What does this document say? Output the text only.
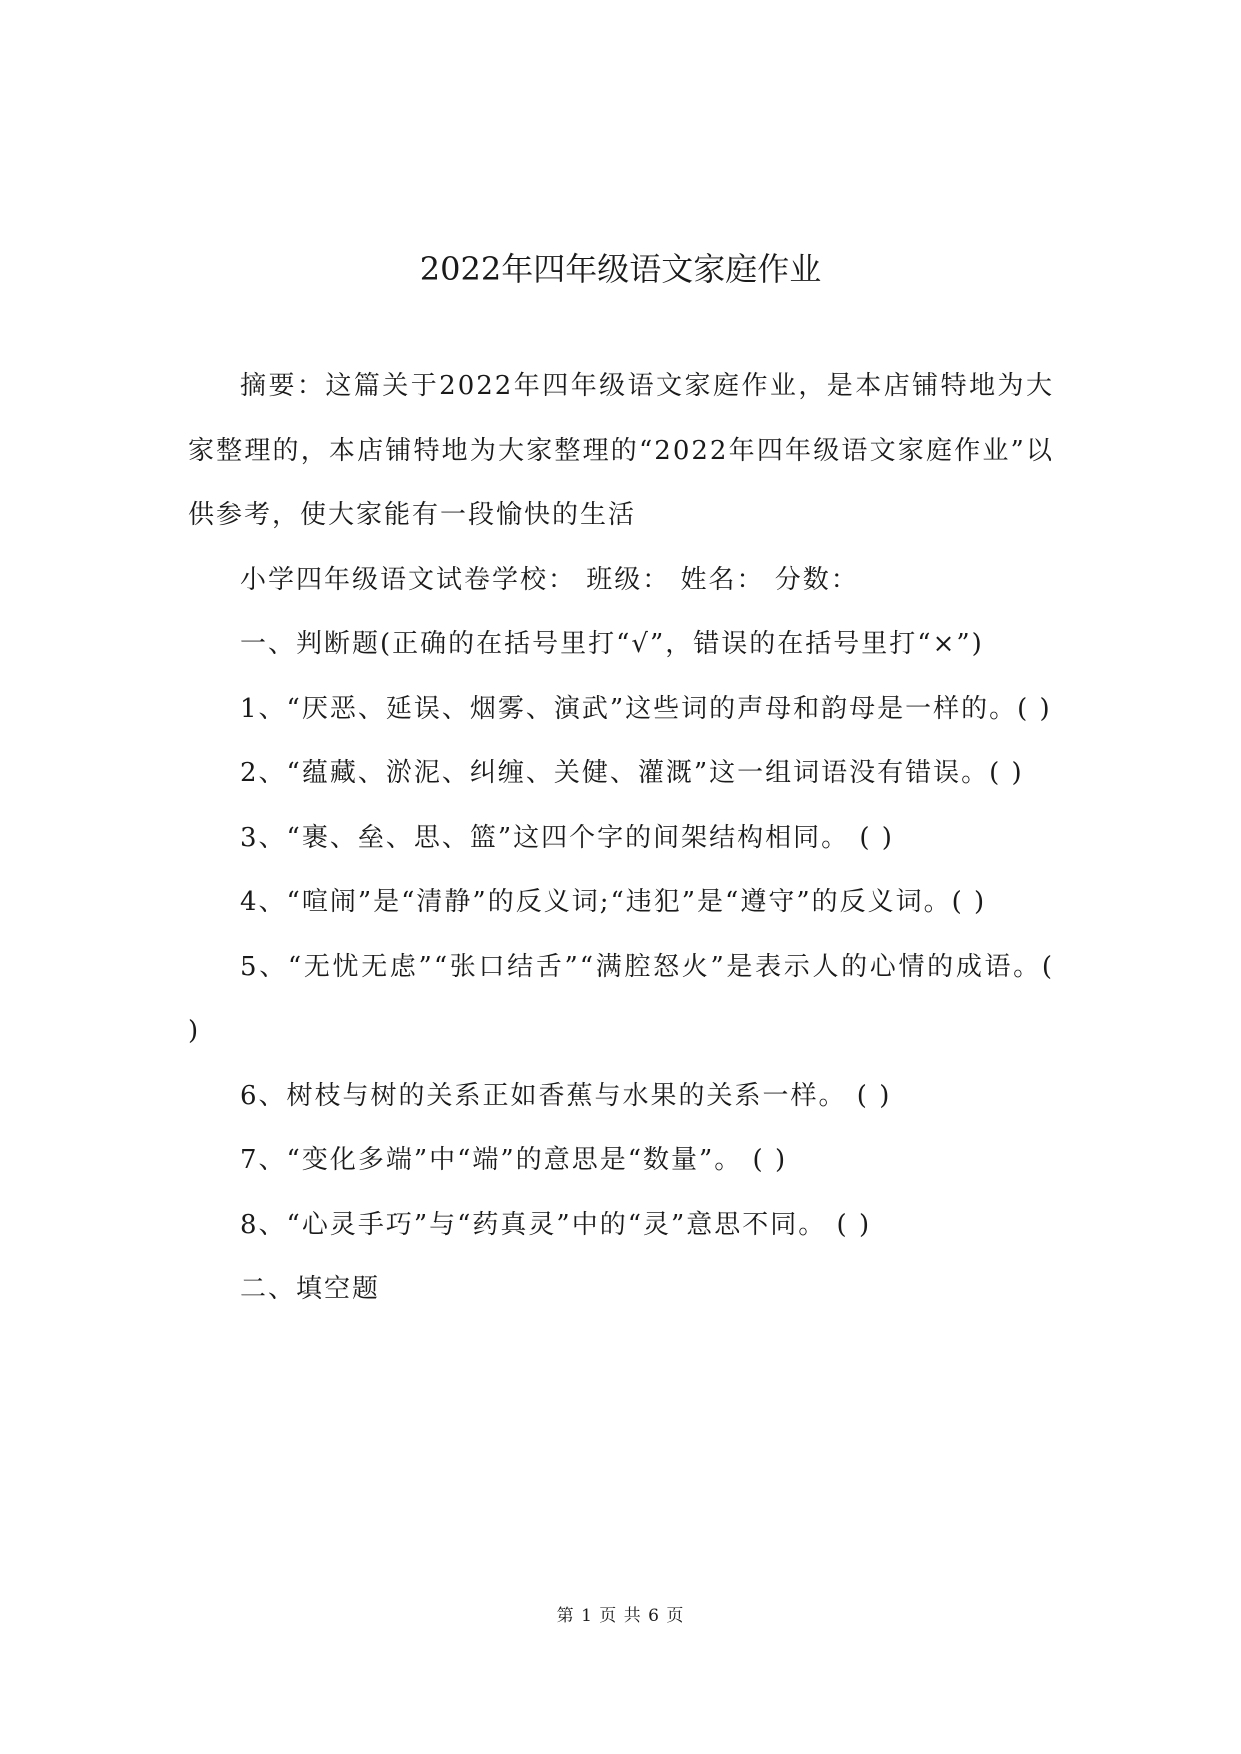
2022年四年级语文家庭作业

摘要：这篇关于2022年四年级语文家庭作业，是本店铺特地为大家整理的，本店铺特地为大家整理的“2022年四年级语文家庭作业”以供参考，使大家能有一段愉快的生活

小学四年级语文试卷学校： 班级： 姓名： 分数：

一、判断题(正确的在括号里打“√”，错误的在括号里打“×”)

1、“厌恶、延误、烟雾、演武”这些词的声母和韵母是一样的。( )

2、“蕴藏、淤泥、纠缠、关健、灌溉”这一组词语没有错误。( )

3、“裹、垒、思、篮”这四个字的间架结构相同。 ( )

4、“喧闹”是“清静”的反义词;“违犯”是“遵守”的反义词。( )

5、“无忧无虑”“张口结舌”“满腔怒火”是表示人的心情的成语。( )

6、树枝与树的关系正如香蕉与水果的关系一样。 ( )

7、“变化多端”中“端”的意思是“数量”。 ( )

8、“心灵手巧”与“药真灵”中的“灵”意思不同。 ( )

二、填空题

第 1 页 共 6 页
